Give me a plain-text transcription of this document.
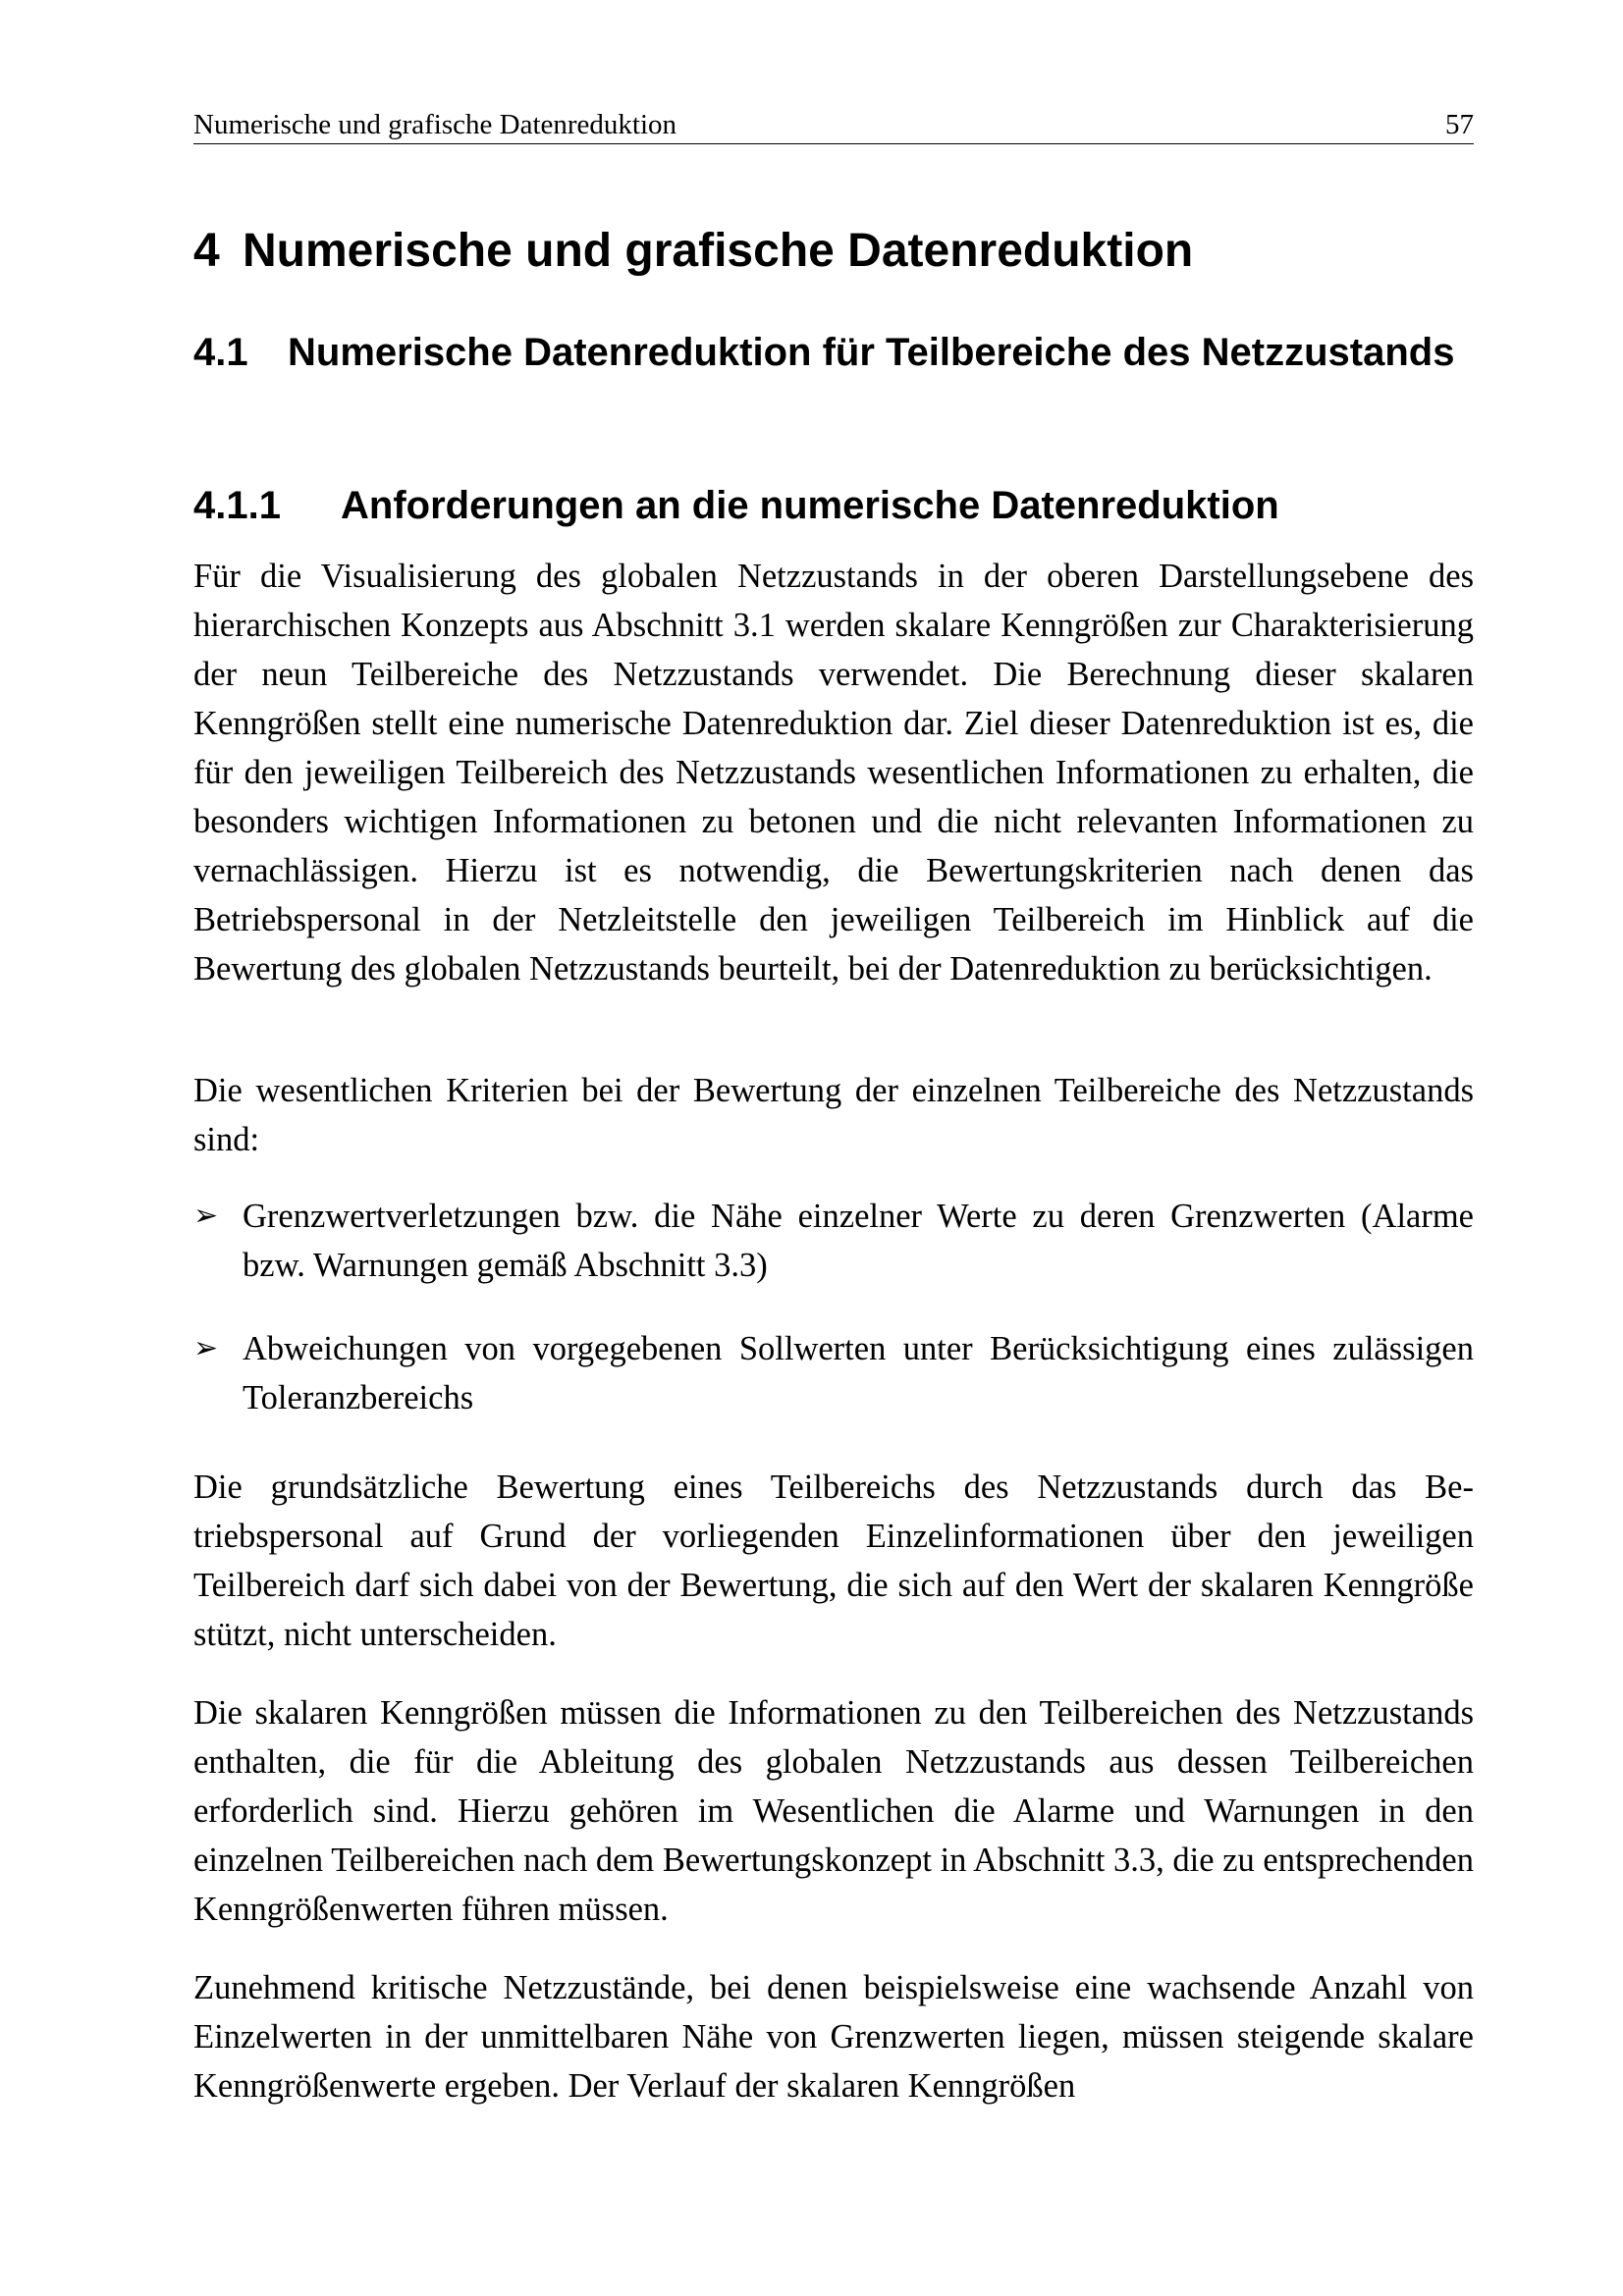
Numerische und grafische Datenreduktion	57
4 Numerische und grafische Datenreduktion
4.1 Numerische Datenreduktion für Teilbereiche des Netzzustands
4.1.1 Anforderungen an die numerische Datenreduktion

Für die Visualisierung des globalen Netzzustands in der oberen Darstellungsebene des hierarchischen Konzepts aus Abschnitt 3.1 werden skalare Kenngrößen zur Charakterisierung der neun Teilbereiche des Netzzustands verwendet. Die Berechnung dieser skalaren Kenngrößen stellt eine numerische Datenreduktion dar. Ziel dieser Datenreduktion ist es, die für den jeweiligen Teilbereich des Netzzustands wesentlichen Informationen zu erhalten, die besonders wichtigen Informationen zu betonen und die nicht relevanten Informationen zu vernachlässigen. Hierzu ist es notwendig, die Bewertungskriterien nach denen das Betriebspersonal in der Netzleitstelle den jeweiligen Teilbereich im Hinblick auf die Bewertung des globalen Netzzustands beurteilt, bei der Datenreduktion zu berücksichtigen.

Die wesentlichen Kriterien bei der Bewertung der einzelnen Teilbereiche des Netzzustands sind:

➢ Grenzwertverletzungen bzw. die Nähe einzelner Werte zu deren Grenzwerten (Alarme bzw. Warnungen gemäß Abschnitt 3.3)
➢ Abweichungen von vorgegebenen Sollwerten unter Berücksichtigung eines zulässigen Toleranzbereichs

Die grundsätzliche Bewertung eines Teilbereichs des Netzzustands durch das Betriebspersonal auf Grund der vorliegenden Einzelinformationen über den jeweiligen Teilbereich darf sich dabei von der Bewertung, die sich auf den Wert der skalaren Kenngröße stützt, nicht unterscheiden.

Die skalaren Kenngrößen müssen die Informationen zu den Teilbereichen des Netzzustands enthalten, die für die Ableitung des globalen Netzzustands aus dessen Teilbereichen erforderlich sind. Hierzu gehören im Wesentlichen die Alarme und Warnungen in den einzelnen Teilbereichen nach dem Bewertungskonzept in Abschnitt 3.3, die zu entsprechenden Kenngrößenwerten führen müssen.

Zunehmend kritische Netzzustände, bei denen beispielsweise eine wachsende Anzahl von Einzelwerten in der unmittelbaren Nähe von Grenzwerten liegen, müssen steigende skalare Kenngrößenwerte ergeben. Der Verlauf der skalaren Kenngrößen
